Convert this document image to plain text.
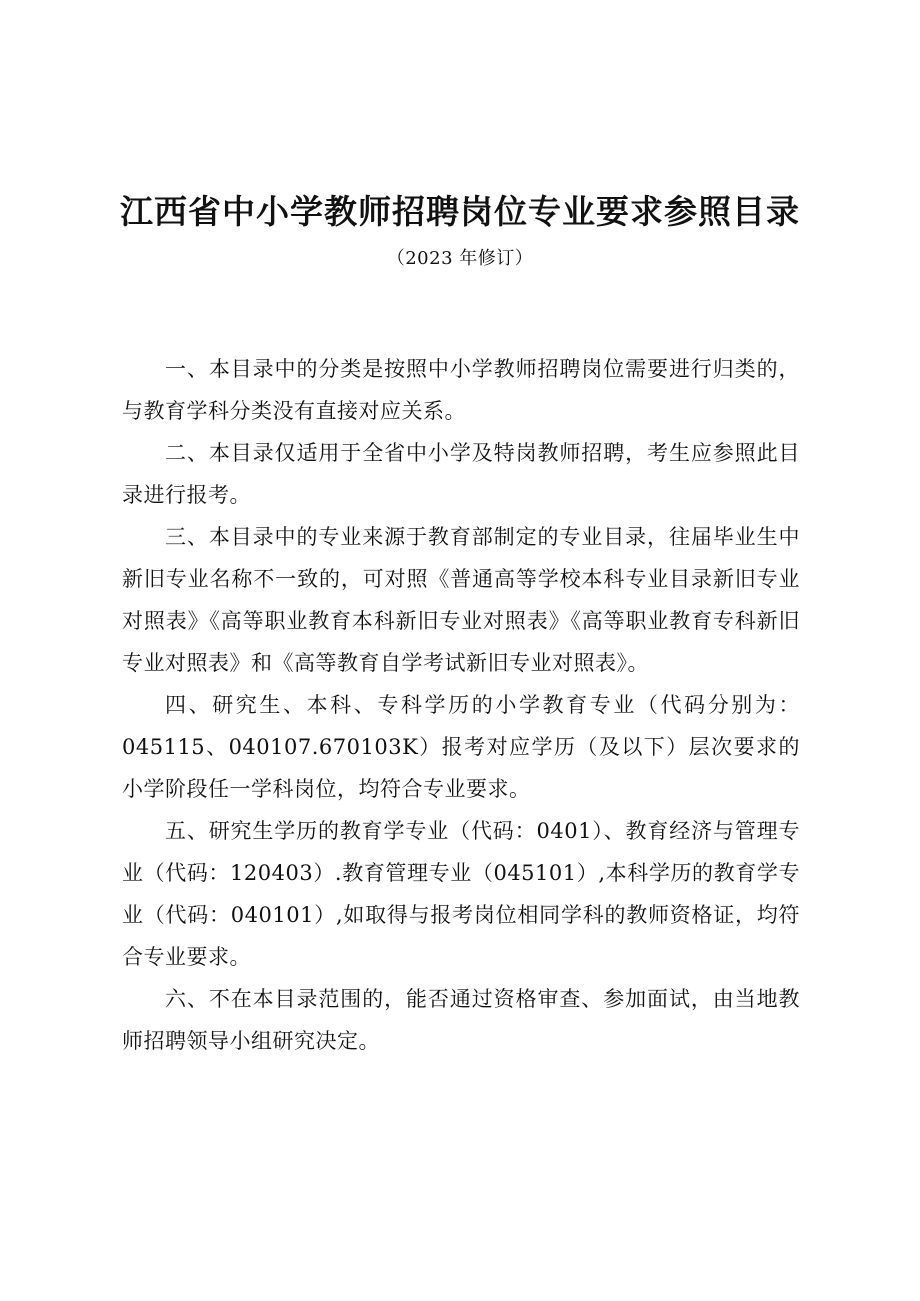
江西省中小学教师招聘岗位专业要求参照目录
（2023 年修订）

一、本目录中的分类是按照中小学教师招聘岗位需要进行归类的，与教育学科分类没有直接对应关系。

二、本目录仅适用于全省中小学及特岗教师招聘，考生应参照此目录进行报考。

三、本目录中的专业来源于教育部制定的专业目录，往届毕业生中新旧专业名称不一致的，可对照《普通高等学校本科专业目录新旧专业对照表》《高等职业教育本科新旧专业对照表》《高等职业教育专科新旧专业对照表》和《高等教育自学考试新旧专业对照表》。

四、研究生、本科、专科学历的小学教育专业（代码分别为：045115、040107.670103K）报考对应学历（及以下）层次要求的小学阶段任一学科岗位，均符合专业要求。

五、研究生学历的教育学专业（代码：0401）、教育经济与管理专业（代码：120403）.教育管理专业（045101）,本科学历的教育学专业（代码：040101）,如取得与报考岗位相同学科的教师资格证，均符合专业要求。

六、不在本目录范围的，能否通过资格审查、参加面试，由当地教师招聘领导小组研究决定。
